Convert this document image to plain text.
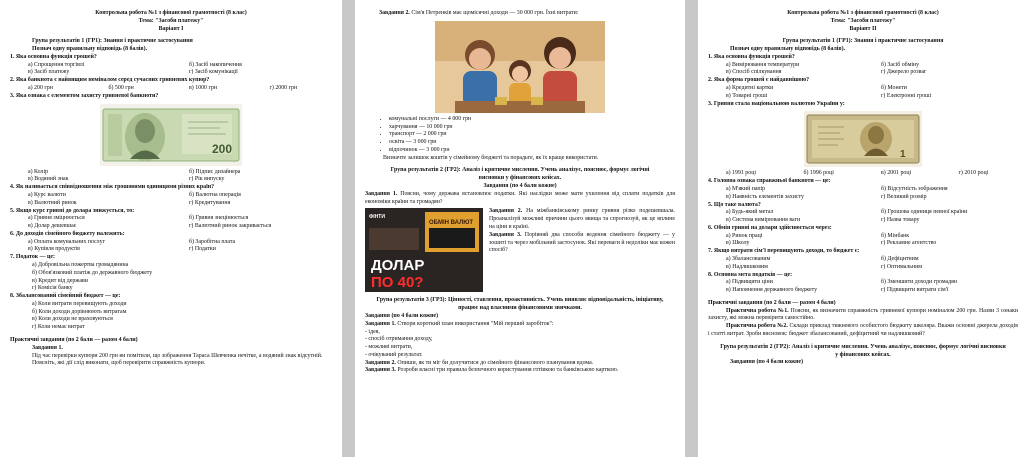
Контрольна робота №1 з фінансової грамотності (8 клас)
Тема: "Засоби платежу"
Варіант І
Група результатів 1 (ГР1): Знання і практичне застосування
Познач одну правильну відповідь (8 балів).
1. Яка основна функція грошей?
а) Спрощення торгівлі	б) Засіб накопичення
в) Засіб платежу	г) Засіб комунікації
2. Яка банкнота є найвищим номіналом серед сучасних гривневих купюр?
а) 200 грн	б) 500 грн	в) 1000 грн	г) 2000 грн
3. Яка ознака є елементом захисту гривневої банкноти?
200
а) Колір	б) Підпис дизайнера
в) Водяний знак	г) Рік випуску
4. Як називається співвідношення між грошовими одиницями різних країн?
а) Курс валюти	б) Валютна операція
в) Валютний ринок	г) Кредитування
5. Якщо курс гривні до долара знижується, то:
а) Гривня зміцнюється	б) Гривня знецінюється
в) Долар дешевшає	г) Валютний ринок закривається
6. До доходів сімейного бюджету належить:
а) Оплата комунальних послуг	б) Заробітна плата
в) Купівля продуктів	г) Податки
7. Податок — це:
а) Добровільна пожертва громадянина
б) Обов'язковий платіж до державного бюджету
в) Кредит від держави
г) Комісія банку
8. Збалансований сімейний бюджет — це:
а) Коли витрати перевищують доходи
б) Коли доходи дорівнюють витратам
в) Коли доходи не враховуються
г) Коли немає витрат
Практичні завдання (по 2 бали — разом 4 бали)
Завдання 1.
Під час перевірки купюри 200 грн ви помітили, що зображення Тараса Шевченка нечітке, а водяний знак відсутній.
Поясніть, які дії слід виконати, щоб перевірити справжність купюри.
Завдання 2. Сім'я Петренків має щомісячні доходи — 30 000 грн. Їхні витрати:
• комунальні послуги — 4 000 грн
• харчування — 10 000 грн
• транспорт — 2 000 грн
• освіта — 3 000 грн
• відпочинок — 3 000 грн
Визначте залишок коштів у сімейному бюджеті та порадьте, як їх краще використати.
Група результатів 2 (ГР2): Аналіз і критичне мислення. Учень аналізує, пояснює, формує логічні висновки у фінансових кейсах.
Завдання (по 4 бали кожне)
Завдання 1. Поясни, чому держава встановлює податки. Які наслідки може мати ухилення від сплати податків для економіки країни та громадян?
ОБМІН ВАЛЮТ
ФІНТИ
ДОЛАР
ПО 40?
Завдання 2. На міжбанківському ринку гривня різко подешевшала. Проаналізуй можливі причини цього явища та спрогнозуй, як це вплине на ціни в країні.
Завдання 3. Порівняй два способи ведення сімейного бюджету — у зошиті та через мобільний застосунок. Які переваги й недоліки має кожен спосіб?
Група результатів 3 (ГР3): Цінності, ставлення, проактивність. Учень виявляє відповідальність, ініціативу, працює над власними фінансовими звичками.
Завдання (по 4 бали кожне)
Завдання 1. Створи короткий план використання "Мій перший заробіток":
- ідея,
- спосіб отримання доходу,
- можливі витрати,
- очікуваний результат.
Завдання 2. Опиши, як ти міг би долучитися до сімейного фінансового планування вдома.
Завдання 3. Розроби власні три правила безпечного користування готівкою та банківською карткою.
Контрольна робота №1 з фінансової грамотності (8 клас)
Тема: "Засоби платежу"
Варіант ІІ
Група результатів 1 (ГР1): Знання і практичне застосування
Познач одну правильну відповідь (8 балів).
1. Яка основна функція грошей?
а) Вимірювання температури	б) Засіб обміну
в) Спосіб спілкування	г) Джерело розваг
2. Яка форма грошей є найдавнішою?
а) Кредитні картки	б) Монети
в) Товарні гроші	г) Електронні гроші
3. Гривня стала національною валютою України у:
1
а) 1991 році	б) 1996 році	в) 2001 році	г) 2010 році
4. Головна ознака справжньої банкноти — це:
а) М'який папір	б) Відсутність зображення
в) Наявність елементів захисту	г) Великий розмір
5. Що таке валюта?
а) Будь-який метал	б) Грошова одиниця певної країни
в) Система вимірювання ваги	г) Назва товару
6. Обмін гривні на долари здійснюється через:
а) Ринок праці	б) Мінбанк
в) Школу	г) Рекламне агентство
7. Якщо витрати сім'ї перевищують доходи, то бюджет є:
а) Збалансованим	б) Дефіцитним
в) Надлишковим	г) Оптимальним
8. Основна мета податків — це:
а) Підвищити ціни	б) Зменшити доходи громадян
в) Наповнення державного бюджету	г) Підвищити витрати сім'ї
Практичні завдання (по 2 бали — разом 4 бали)
Практична робота №1. Поясни, як визначити справжність гривневої купюри номіналом 200 грн. Назви 3 ознаки захисту, які можна перевірити самостійно.
Практична робота №2. Склади приклад тижневого особистого бюджету школяра. Вкажи основні джерела доходів і статті витрат. Зроби висновок: бюджет збалансований, дефіцитний чи надлишковий?
Група результатів 2 (ГР2): Аналіз і критичне мислення. Учень аналізує, пояснює, формує логічні висновки у фінансових кейсах.
Завдання (по 4 бали кожне)
